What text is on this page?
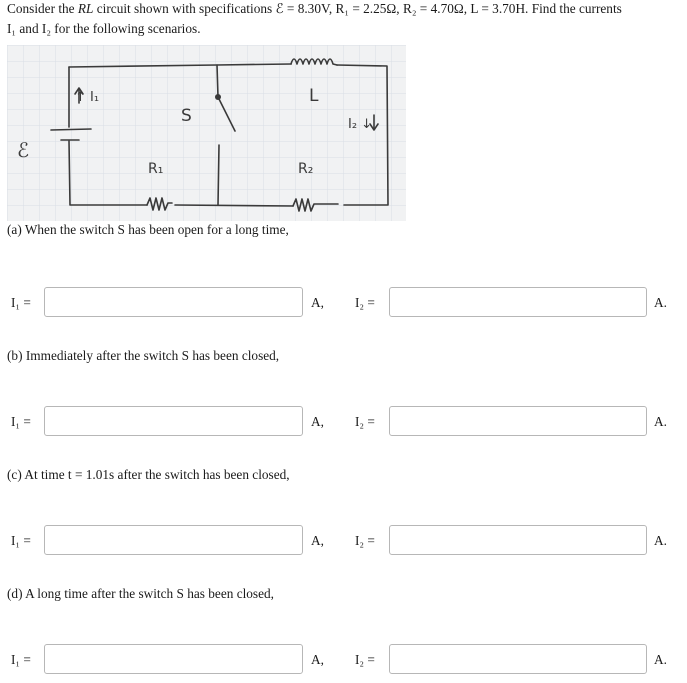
Consider the RL circuit shown with specifications ℰ = 8.30V, R₁ = 2.25Ω, R₂ = 4.70Ω, L = 3.70H. Find the currents
I₁ and I₂ for the following scenarios.
ℰ
↑ I₁
S
L
I₂ ↓
R₁	R₂
(a) When the switch S has been open for a long time,
I₁ =	A, I₂ =	A.
(b) Immediately after the switch S has been closed,
I₁ =	A, I₂ =	A.
(c) At time t = 1.01s after the switch has been closed,
I₁ =	A, I₂ =	A.
(d) A long time after the switch S has been closed,
I₁ =	A, I₂ =	A.
